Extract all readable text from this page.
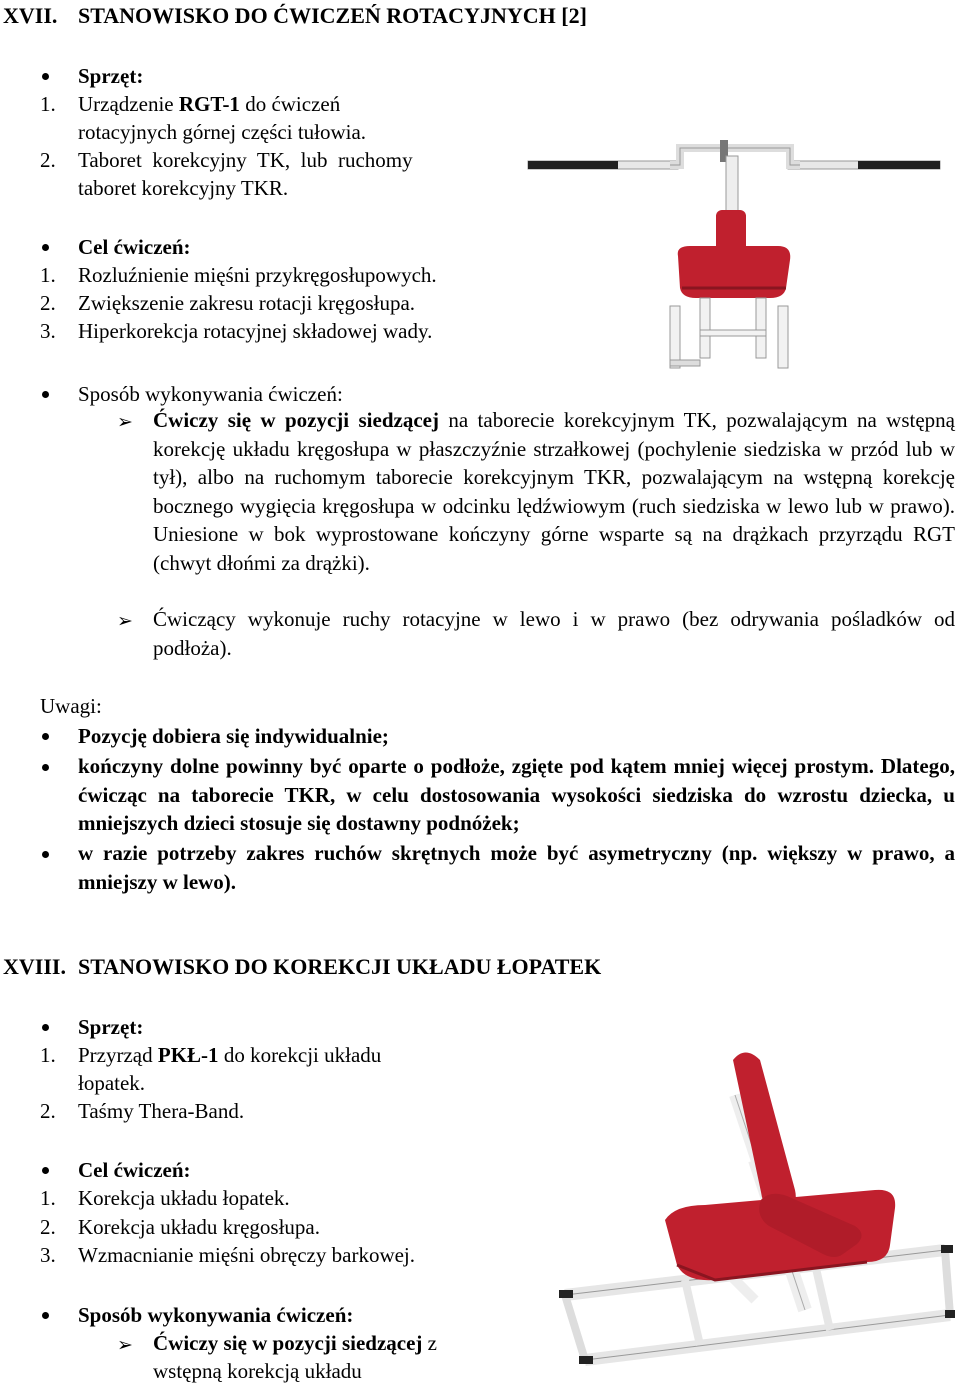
XVII. STANOWISKO DO ĆWICZEŃ ROTACYJNYCH [2]
Sprzęt:
1. Urządzenie RGT-1 do ćwiczeń
rotacyjnych górnej części tułowia.
2. Taboret  korekcyjny  TK,  lub  ruchomy
taboret korekcyjny TKR.
Cel ćwiczeń:
1. Rozluźnienie mięśni przykręgosłupowych.
2. Zwiększenie zakresu rotacji kręgosłupa.
3. Hiperkorekcja rotacyjnej składowej wady.
Sposób wykonywania ćwiczeń:
➢ Ćwiczy się w pozycji siedzącej na taborecie korekcyjnym TK, pozwalającym na wstępną korekcję układu kręgosłupa w płaszczyźnie strzałkowej (pochylenie siedziska w przód lub w tył), albo na ruchomym taborecie korekcyjnym TKR, pozwalającym na wstępną korekcję bocznego wygięcia kręgosłupa w odcinku lędźwiowym (ruch siedziska w lewo lub w prawo). Uniesione w bok wyprostowane kończyny górne wsparte są na drążkach przyrządu RGT (chwyt dłońmi za drążki).
➢ Ćwiczący wykonuje ruchy rotacyjne w lewo i w prawo (bez odrywania pośladków od podłoża).
Uwagi:
Pozycję dobiera się indywidualnie;
kończyny dolne powinny być oparte o podłoże, zgięte pod kątem mniej więcej prostym. Dlatego, ćwicząc na taborecie TKR, w celu dostosowania wysokości siedziska do wzrostu dziecka, u mniejszych dzieci stosuje się dostawny podnóżek;
w razie potrzeby zakres ruchów skrętnych może być asymetryczny (np. większy w prawo, a mniejszy w lewo).
XVIII. STANOWISKO DO KOREKCJI UKŁADU ŁOPATEK
Sprzęt:
1. Przyrząd PKŁ-1 do korekcji układu
łopatek.
2. Taśmy Thera-Band.
Cel ćwiczeń:
1. Korekcja układu łopatek.
2. Korekcja układu kręgosłupa.
3. Wzmacnianie mięśni obręczy barkowej.
Sposób wykonywania ćwiczeń:
➢ Ćwiczy się w pozycji siedzącej z
wstępną korekcją układu
